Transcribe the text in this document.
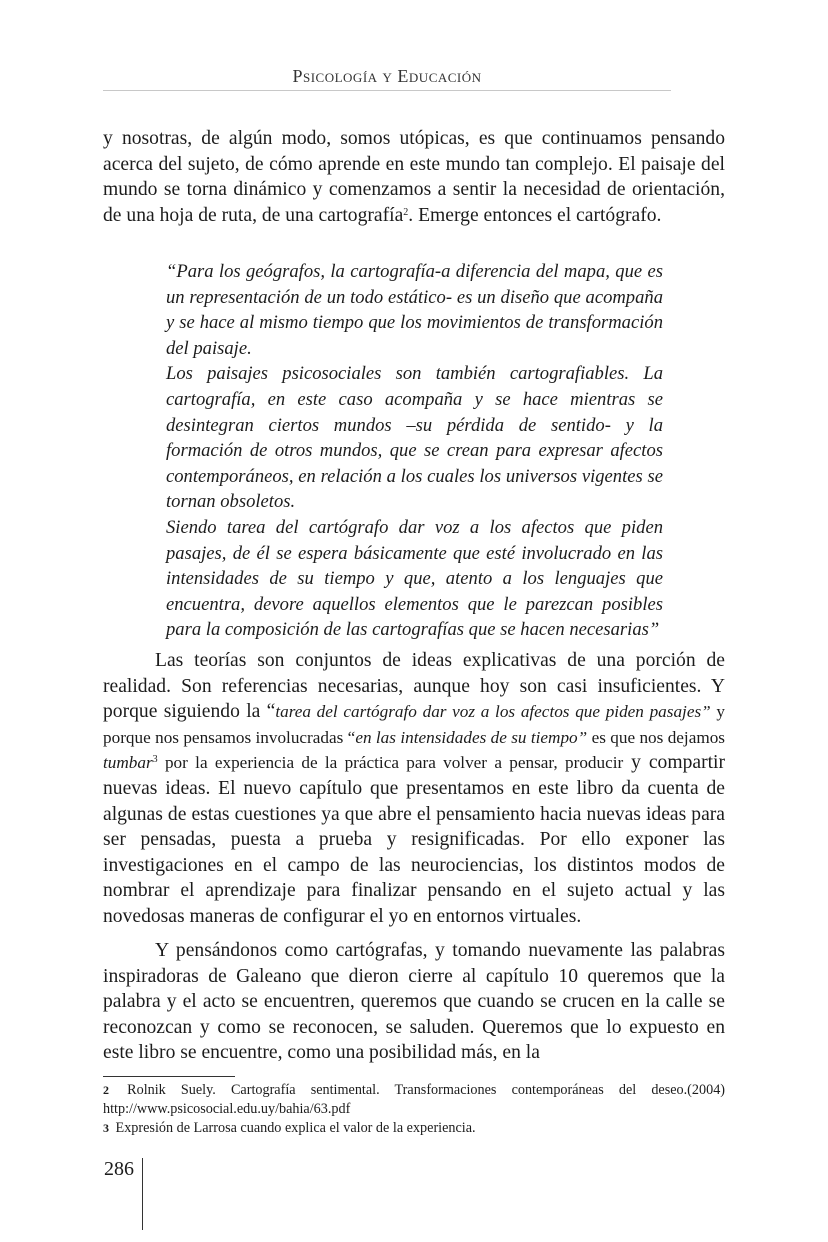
Psicología y Educación
y nosotras, de algún modo, somos utópicas, es que continuamos pensando acerca del sujeto, de cómo aprende en este mundo tan complejo. El paisaje del mundo se torna dinámico y comenzamos a sentir la necesidad de orientación, de una hoja de ruta, de una cartografía$^2$. Emerge entonces el cartógrafo.

“Para los geógrafos, la cartografía-a diferencia del mapa, que es un representación de un todo estático- es un diseño que acompaña y se hace al mismo tiempo que los movimientos de transformación del paisaje.

Los paisajes psicosociales son también cartografiables. La cartografía, en este caso acompaña y se hace mientras se desintegran ciertos mundos –su pérdida de sentido- y la formación de otros mundos, que se crean para expresar afectos contemporáneos, en relación a los cuales los universos vigentes se tornan obsoletos.

Siendo tarea del cartógrafo dar voz a los afectos que piden pasajes, de él se espera básicamente que esté involucrado en las intensidades de su tiempo y que, atento a los lenguajes que encuentra, devore aquellos elementos que le parezcan posibles para la composición de las cartografías que se hacen necesarias”

Las teorías son conjuntos de ideas explicativas de una porción de realidad. Son referencias necesarias, aunque hoy son casi insuficientes. Y porque siguiendo la “tarea del cartógrafo dar voz a los afectos que piden pasajes” y porque nos pensamos involucradas “en las intensidades de su tiempo” es que nos dejamos tumbar$^3$ por la experiencia de la práctica para volver a pensar, producir y compartir nuevas ideas. El nuevo capítulo que presentamos en este libro da cuenta de algunas de estas cuestiones ya que abre el pensamiento hacia nuevas ideas para ser pensadas, puesta a prueba y resignificadas. Por ello exponer las investigaciones en el campo de las neurociencias, los distintos modos de nombrar el aprendizaje para finalizar pensando en el sujeto actual y las novedosas maneras de configurar el yo en entornos virtuales.
Y pensándonos como cartógrafas, y tomando nuevamente las palabras inspiradoras de Galeano que dieron cierre al capítulo 10 queremos que la palabra y el acto se encuentren, queremos que cuando se crucen en la calle se reconozcan y como se reconocen, se saluden. Queremos que lo expuesto en este libro se encuentre, como una posibilidad más, en la

2 Rolnik Suely. Cartografía sentimental. Transformaciones contemporáneas del deseo.(2004) http://www.psicosocial.edu.uy/bahia/63.pdf

3 Expresión de Larrosa cuando explica el valor de la experiencia.

286
